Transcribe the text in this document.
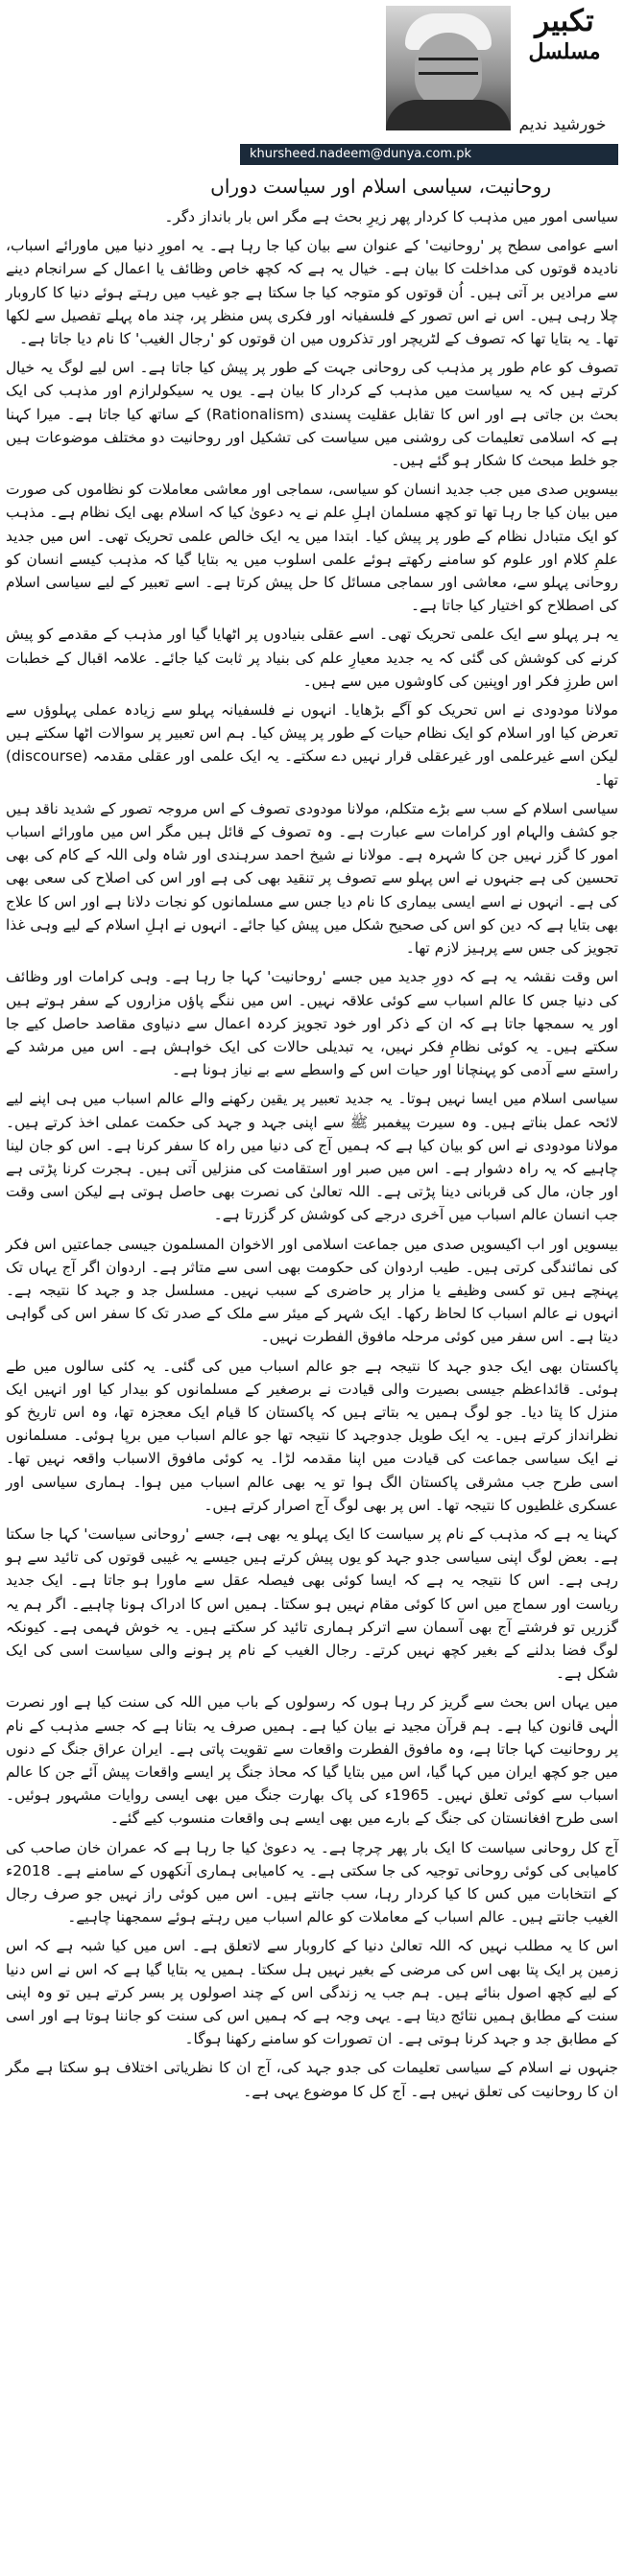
تکبیر
مسلسل
خورشید ندیم
khursheed.nadeem@dunya.com.pk
روحانیت، سیاسی اسلام اور سیاست دوراں

سیاسی امور میں مذہب کا کردار پھر زیرِ بحث ہے مگر اس بار بانداز دگر۔

اسے عوامی سطح پر 'روحانیت' کے عنوان سے بیان کیا جا رہا ہے۔ یہ امورِ دنیا میں ماورائے اسباب، نادیدہ قوتوں کی مداخلت کا بیان ہے۔ خیال یہ ہے کہ کچھ خاص وظائف یا اعمال کے سرانجام دینے سے مرادیں بر آتی ہیں۔ اُن قوتوں کو متوجہ کیا جا سکتا ہے جو غیب میں رہتے ہوئے دنیا کا کاروبار چلا رہی ہیں۔ اس نے اس تصور کے فلسفیانہ اور فکری پس منظر پر، چند ماہ پہلے تفصیل سے لکھا تھا۔ یہ بتایا تھا کہ تصوف کے لٹریچر اور تذکروں میں ان قوتوں کو 'رجال الغیب' کا نام دیا جاتا ہے۔

تصوف کو عام طور پر مذہب کی روحانی جہت کے طور پر پیش کیا جاتا ہے۔ اس لیے لوگ یہ خیال کرتے ہیں کہ یہ سیاست میں مذہب کے کردار کا بیان ہے۔ یوں یہ سیکولرازم اور مذہب کی ایک بحث بن جاتی ہے اور اس کا تقابل عقلیت پسندی (Rationalism) کے ساتھ کیا جاتا ہے۔ میرا کہنا ہے کہ اسلامی تعلیمات کی روشنی میں سیاست کی تشکیل اور روحانیت دو مختلف موضوعات ہیں جو خلط مبحث کا شکار ہو گئے ہیں۔

بیسویں صدی میں جب جدید انسان کو سیاسی، سماجی اور معاشی معاملات کو نظاموں کی صورت میں بیان کیا جا رہا تھا تو کچھ مسلمان اہلِ علم نے یہ دعویٰ کیا کہ اسلام بھی ایک نظام ہے۔ مذہب کو ایک متبادل نظام کے طور پر پیش کیا۔ ابتدا میں یہ ایک خالص علمی تحریک تھی۔ اس میں جدید علمِ کلام اور علوم کو سامنے رکھتے ہوئے علمی اسلوب میں یہ بتایا گیا کہ مذہب کیسے انسان کو روحانی پہلو سے، معاشی اور سماجی مسائل کا حل پیش کرتا ہے۔ اسے تعبیر کے لیے سیاسی اسلام کی اصطلاح کو اختیار کیا جاتا ہے۔

یہ ہر پہلو سے ایک علمی تحریک تھی۔ اسے عقلی بنیادوں پر اٹھایا گیا اور مذہب کے مقدمے کو پیش کرنے کی کوشش کی گئی کہ یہ جدید معیارِ علم کی بنیاد پر ثابت کیا جائے۔ علامہ اقبال کے خطبات اس طرزِ فکر اور اوپنین کی کاوشوں میں سے ہیں۔

مولانا مودودی نے اس تحریک کو آگے بڑھایا۔ انہوں نے فلسفیانہ پہلو سے زیادہ عملی پہلوؤں سے تعرض کیا اور اسلام کو ایک نظام حیات کے طور پر پیش کیا۔ ہم اس تعبیر پر سوالات اٹھا سکتے ہیں لیکن اسے غیرعلمی اور غیرعقلی قرار نہیں دے سکتے۔ یہ ایک علمی اور عقلی مقدمہ (discourse) تھا۔

سیاسی اسلام کے سب سے بڑے متکلم، مولانا مودودی تصوف کے اس مروجہ تصور کے شدید ناقد ہیں جو کشف والہام اور کرامات سے عبارت ہے۔ وہ تصوف کے قائل ہیں مگر اس میں ماورائے اسباب امور کا گزر نہیں جن کا شہرہ ہے۔ مولانا نے شیخ احمد سرہندی اور شاہ ولی اللہ کے کام کی بھی تحسین کی ہے جنہوں نے اس پہلو سے تصوف پر تنقید بھی کی ہے اور اس کی اصلاح کی سعی بھی کی ہے۔ انہوں نے اسے ایسی بیماری کا نام دیا جس سے مسلمانوں کو نجات دلانا ہے اور اس کا علاج بھی بتایا ہے کہ دین کو اس کی صحیح شکل میں پیش کیا جائے۔ انہوں نے اہلِ اسلام کے لیے وہی غذا تجویز کی جس سے پرہیز لازم تھا۔

اس وقت نقشہ یہ ہے کہ دورِ جدید میں جسے 'روحانیت' کہا جا رہا ہے۔ وہی کرامات اور وظائف کی دنیا جس کا عالم اسباب سے کوئی علاقہ نہیں۔ اس میں ننگے پاؤں مزاروں کے سفر ہوتے ہیں اور یہ سمجھا جاتا ہے کہ ان کے ذکر اور خود تجویز کردہ اعمال سے دنیاوی مقاصد حاصل کیے جا سکتے ہیں۔ یہ کوئی نظامِ فکر نہیں، یہ تبدیلی حالات کی ایک خواہش ہے۔ اس میں مرشد کے راستے سے آدمی کو پہنچانا اور حیات اس کے واسطے سے بے نیاز ہونا ہے۔

سیاسی اسلام میں ایسا نہیں ہوتا۔ یہ جدید تعبیر پر یقین رکھنے والے عالم اسباب میں ہی اپنے لیے لائحہ عمل بناتے ہیں۔ وہ سیرت پیغمبر ﷺ سے اپنی جہد و جہد کی حکمت عملی اخذ کرتے ہیں۔ مولانا مودودی نے اس کو بیان کیا ہے کہ ہمیں آج کی دنیا میں راہ کا سفر کرنا ہے۔ اس کو جان لینا چاہیے کہ یہ راہ دشوار ہے۔ اس میں صبر اور استقامت کی منزلیں آتی ہیں۔ ہجرت کرنا پڑتی ہے اور جان، مال کی قربانی دینا پڑتی ہے۔ اللہ تعالیٰ کی نصرت بھی حاصل ہوتی ہے لیکن اسی وقت جب انسان عالم اسباب میں آخری درجے کی کوشش کر گزرتا ہے۔

بیسویں اور اب اکیسویں صدی میں جماعت اسلامی اور الاخوان المسلمون جیسی جماعتیں اس فکر کی نمائندگی کرتی ہیں۔ طیب اردوان کی حکومت بھی اسی سے متاثر ہے۔ اردوان اگر آج یہاں تک پہنچے ہیں تو کسی وظیفے یا مزار پر حاضری کے سبب نہیں۔ مسلسل جد و جہد کا نتیجہ ہے۔ انہوں نے عالم اسباب کا لحاظ رکھا۔ ایک شہر کے میئر سے ملک کے صدر تک کا سفر اس کی گواہی دیتا ہے۔ اس سفر میں کوئی مرحلہ مافوق الفطرت نہیں۔

پاکستان بھی ایک جدو جہد کا نتیجہ ہے جو عالم اسباب میں کی گئی۔ یہ کئی سالوں میں طے ہوئی۔ قائداعظم جیسی بصیرت والی قیادت نے برصغیر کے مسلمانوں کو بیدار کیا اور انہیں ایک منزل کا پتا دیا۔ جو لوگ ہمیں یہ بتاتے ہیں کہ پاکستان کا قیام ایک معجزہ تھا، وہ اس تاریخ کو نظرانداز کرتے ہیں۔ یہ ایک طویل جدوجہد کا نتیجہ تھا جو عالم اسباب میں برپا ہوئی۔ مسلمانوں نے ایک سیاسی جماعت کی قیادت میں اپنا مقدمہ لڑا۔ یہ کوئی مافوق الاسباب واقعہ نہیں تھا۔ اسی طرح جب مشرقی پاکستان الگ ہوا تو یہ بھی عالم اسباب میں ہوا۔ ہماری سیاسی اور عسکری غلطیوں کا نتیجہ تھا۔ اس پر بھی لوگ آج اصرار کرتے ہیں۔

کہنا یہ ہے کہ مذہب کے نام پر سیاست کا ایک پہلو یہ بھی ہے، جسے 'روحانی سیاست' کہا جا سکتا ہے۔ بعض لوگ اپنی سیاسی جدو جہد کو یوں پیش کرتے ہیں جیسے یہ غیبی قوتوں کی تائید سے ہو رہی ہے۔ اس کا نتیجہ یہ ہے کہ ایسا کوئی بھی فیصلہ عقل سے ماورا ہو جاتا ہے۔ ایک جدید ریاست اور سماج میں اس کا کوئی مقام نہیں ہو سکتا۔ ہمیں اس کا ادراک ہونا چاہیے۔ اگر ہم یہ گزریں تو فرشتے آج بھی آسمان سے اترکر ہماری تائید کر سکتے ہیں۔ یہ خوش فہمی ہے۔ کیونکہ لوگ فضا بدلنے کے بغیر کچھ نہیں کرتے۔ رجال الغیب کے نام پر ہونے والی سیاست اسی کی ایک شکل ہے۔

میں یہاں اس بحث سے گریز کر رہا ہوں کہ رسولوں کے باب میں اللہ کی سنت کیا ہے اور نصرت الٰہی قانون کیا ہے۔ ہم قرآن مجید نے بیان کیا ہے۔ ہمیں صرف یہ بتانا ہے کہ جسے مذہب کے نام پر روحانیت کہا جاتا ہے، وہ مافوق الفطرت واقعات سے تقویت پاتی ہے۔ ایران عراق جنگ کے دنوں میں جو کچھ ایران میں کہا گیا، اس میں بتایا گیا کہ محاذ جنگ پر ایسے واقعات پیش آئے جن کا عالم اسباب سے کوئی تعلق نہیں۔ 1965ء کی پاک بھارت جنگ میں بھی ایسی روایات مشہور ہوئیں۔ اسی طرح افغانستان کی جنگ کے بارے میں بھی ایسے ہی واقعات منسوب کیے گئے۔

آج کل روحانی سیاست کا ایک بار پھر چرچا ہے۔ یہ دعویٰ کیا جا رہا ہے کہ عمران خان صاحب کی کامیابی کی کوئی روحانی توجیہ کی جا سکتی ہے۔ یہ کامیابی ہماری آنکھوں کے سامنے ہے۔ 2018ء کے انتخابات میں کس کا کیا کردار رہا، سب جانتے ہیں۔ اس میں کوئی راز نہیں جو صرف رجال الغیب جانتے ہیں۔ عالم اسباب کے معاملات کو عالم اسباب میں رہتے ہوئے سمجھنا چاہیے۔

اس کا یہ مطلب نہیں کہ اللہ تعالیٰ دنیا کے کاروبار سے لاتعلق ہے۔ اس میں کیا شبہ ہے کہ اس زمین پر ایک پتا بھی اس کی مرضی کے بغیر نہیں ہل سکتا۔ ہمیں یہ بتایا گیا ہے کہ اس نے اس دنیا کے لیے کچھ اصول بنائے ہیں۔ ہم جب یہ زندگی اس کے چند اصولوں پر بسر کرتے ہیں تو وہ اپنی سنت کے مطابق ہمیں نتائج دیتا ہے۔ یہی وجہ ہے کہ ہمیں اس کی سنت کو جاننا ہوتا ہے اور اسی کے مطابق جد و جہد کرنا ہوتی ہے۔ ان تصورات کو سامنے رکھنا ہوگا۔

جنہوں نے اسلام کے سیاسی تعلیمات کی جدو جہد کی، آج ان کا نظریاتی اختلاف ہو سکتا ہے مگر ان کا روحانیت کی تعلق نہیں ہے۔ آج کل کا موضوع یہی ہے۔
